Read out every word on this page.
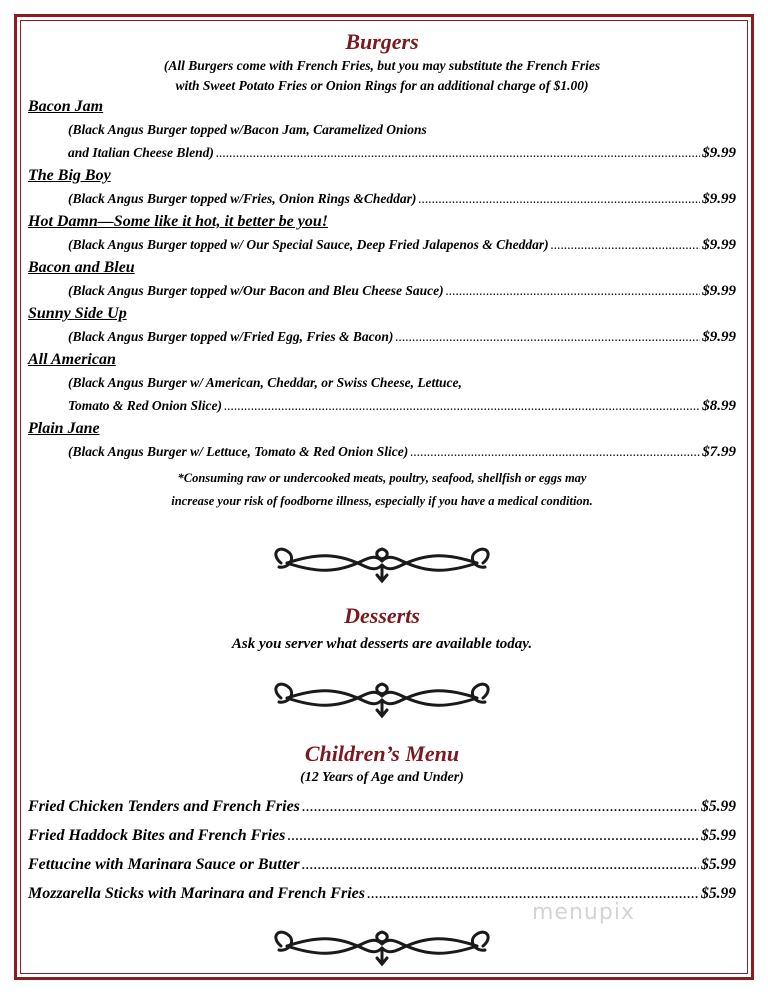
Burgers
(All Burgers come with French Fries, but you may substitute the French Fries
with Sweet Potato Fries or Onion Rings for an additional charge of $1.00)
Bacon Jam
(Black Angus Burger topped w/Bacon Jam, Caramelized Onions
and Italian Cheese Blend) .....	$9.99
The Big Boy
(Black Angus Burger topped w/Fries, Onion Rings &Cheddar) .....	$9.99
Hot Damn—Some like it hot, it better be you!
(Black Angus Burger topped w/ Our Special Sauce, Deep Fried Jalapenos & Cheddar) .....	$9.99
Bacon and Bleu
(Black Angus Burger topped w/Our Bacon and Bleu Cheese Sauce) .....	$9.99
Sunny Side Up
(Black Angus Burger topped w/Fried Egg, Fries & Bacon) .....	$9.99
All American
(Black Angus Burger w/ American, Cheddar, or Swiss Cheese, Lettuce,
Tomato & Red Onion Slice) .....	$8.99
Plain Jane
(Black Angus Burger w/ Lettuce, Tomato & Red Onion Slice) .....	$7.99
*Consuming raw or undercooked meats, poultry, seafood, shellfish or eggs may
increase your risk of foodborne illness, especially if you have a medical condition.
Desserts
Ask you server what desserts are available today.
Children’s Menu
(12 Years of Age and Under)
Fried Chicken Tenders and French Fries .....	$5.99
Fried Haddock Bites and French Fries .....	$5.99
Fettucine with Marinara Sauce or Butter .....	$5.99
Mozzarella Sticks with Marinara and French Fries .....	$5.99
menupix
